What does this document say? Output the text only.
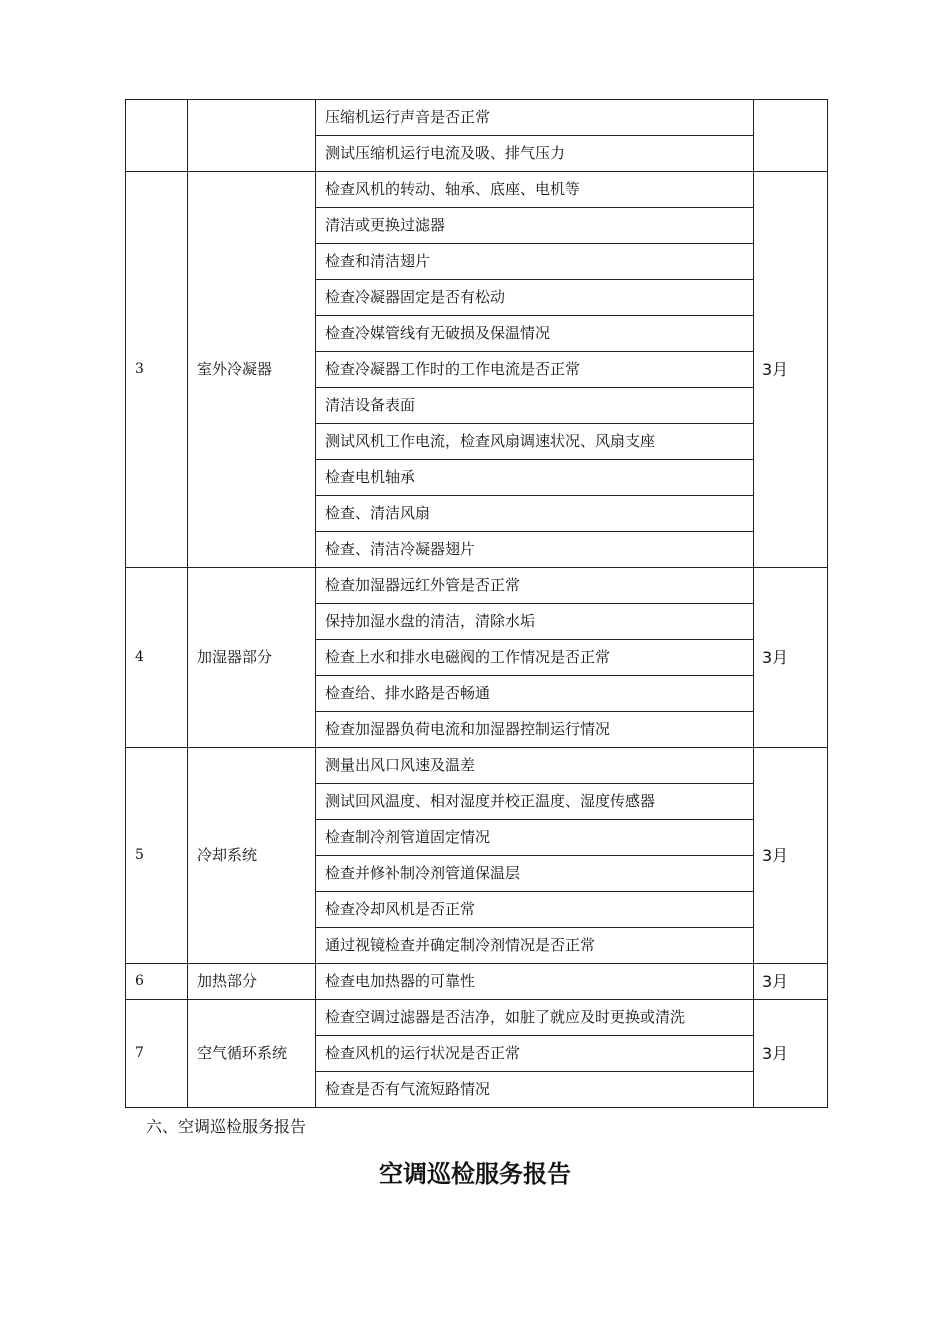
		压缩机运行声音是否正常	
		测试压缩机运行电流及吸、排气压力	
3	室外冷凝器	检查风机的转动、轴承、底座、电机等	3月
		清洁或更换过滤器	
		检查和清洁翅片	
		检查冷凝器固定是否有松动	
		检查冷媒管线有无破损及保温情况	
		检查冷凝器工作时的工作电流是否正常	
		清洁设备表面	
		测试风机工作电流，检查风扇调速状况、风扇支座	
		检查电机轴承	
		检查、清洁风扇	
		检查、清洁冷凝器翅片	
4	加湿器部分	检查加湿器远红外管是否正常	3月
		保持加湿水盘的清洁，清除水垢	
		检查上水和排水电磁阀的工作情况是否正常	
		检查给、排水路是否畅通	
		检查加湿器负荷电流和加湿器控制运行情况	
5	冷却系统	测量出风口风速及温差	3月
		测试回风温度、相对湿度并校正温度、湿度传感器	
		检查制冷剂管道固定情况	
		检查并修补制冷剂管道保温层	
		检查冷却风机是否正常	
		通过视镜检查并确定制冷剂情况是否正常	
6	加热部分	检查电加热器的可靠性	3月
7	空气循环系统	检查空调过滤器是否洁净，如脏了就应及时更换或清洗	3月
		检查风机的运行状况是否正常	
		检查是否有气流短路情况	
六、空调巡检服务报告
空调巡检服务报告
